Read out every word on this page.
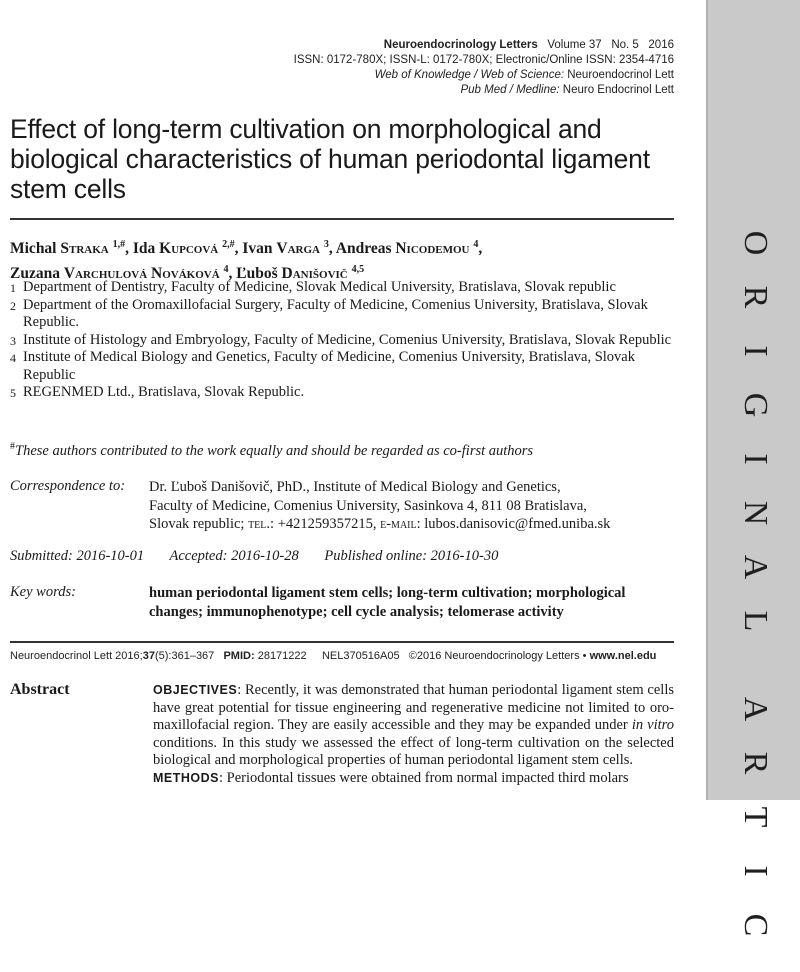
O
R
I
G
I
N
A
L
A
R
T
I
C
Neuroendocrinology Letters Volume 37 No. 5 2016
ISSN: 0172-780X; ISSN-L: 0172-780X; Electronic/Online ISSN: 2354-4716
Web of Knowledge / Web of Science: Neuroendocrinol Lett
Pub Med / Medline: Neuro Endocrinol Lett
Effect of long-term cultivation on morphological and biological characteristics of human periodontal ligament stem cells
Michal Straka $^{1,\#}$, Ida Kupcová $^{2,\#}$, Ivan Varga $^3$, Andreas Nicodemou $^4$,
Zuzana Varchulová Nováková $^4$, Ľuboš Danišovič $^{4,5}$
1 Department of Dentistry, Faculty of Medicine, Slovak Medical University, Bratislava, Slovak republic
2 Department of the Oromaxillofacial Surgery, Faculty of Medicine, Comenius University, Bratislava, Slovak Republic.
3 Institute of Histology and Embryology, Faculty of Medicine, Comenius University, Bratislava, Slovak Republic
4 Institute of Medical Biology and Genetics, Faculty of Medicine, Comenius University, Bratislava, Slovak Republic
5 REGENMED Ltd., Bratislava, Slovak Republic.
#These authors contributed to the work equally and should be regarded as co-first authors
Correspondence to: Dr. Ľuboš Danišovič, PhD., Institute of Medical Biology and Genetics,
Faculty of Medicine, Comenius University, Sasinkova 4, 811 08 Bratislava,
Slovak republic; tel.: +421259357215, e-mail: lubos.danisovic@fmed.uniba.sk
Submitted: 2016-10-01 Accepted: 2016-10-28 Published online: 2016-10-30
Key words:	human periodontal ligament stem cells; long-term cultivation; morphological changes; immunophenotype; cell cycle analysis; telomerase activity
Neuroendocrinol Lett 2016;37(5):361–367 PMID: 28171222 NEL370516A05 ©2016 Neuroendocrinology Letters • www.nel.edu
Abstract	OBJECTIVES: Recently, it was demonstrated that human periodontal ligament stem cells have great potential for tissue engineering and regenerative medicine not limited to oro-maxillofacial region. They are easily accessible and they may be expanded under in vitro conditions. In this study we assessed the effect of long-term cultivation on the selected biological and morphological properties of human periodontal ligament stem cells.
METHODS: Periodontal tissues were obtained from normal impacted third molars
